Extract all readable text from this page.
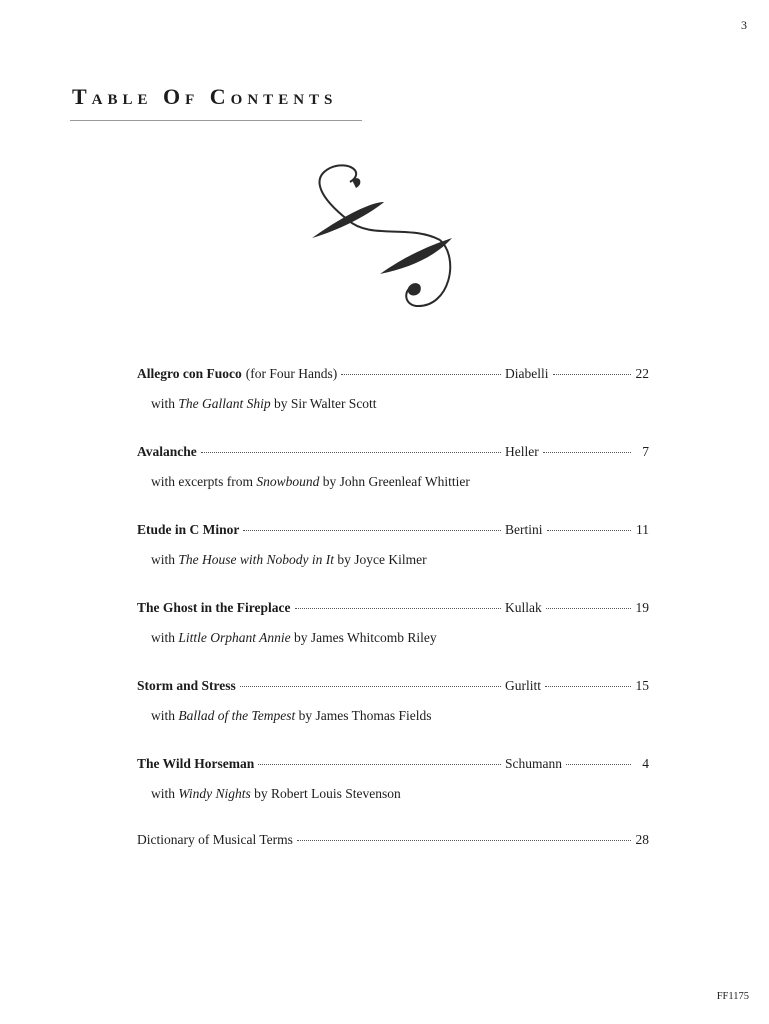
3
Table Of Contents
Allegro con Fuoco (for Four Hands)	Diabelli	22
with The Gallant Ship by Sir Walter Scott
Avalanche	Heller	7
with excerpts from Snowbound by John Greenleaf Whittier
Etude in C Minor	Bertini	11
with The House with Nobody in It by Joyce Kilmer
The Ghost in the Fireplace	Kullak	19
with Little Orphant Annie by James Whitcomb Riley
Storm and Stress	Gurlitt	15
with Ballad of the Tempest by James Thomas Fields
The Wild Horseman	Schumann	4
with Windy Nights by Robert Louis Stevenson
Dictionary of Musical Terms	28
FF1175
